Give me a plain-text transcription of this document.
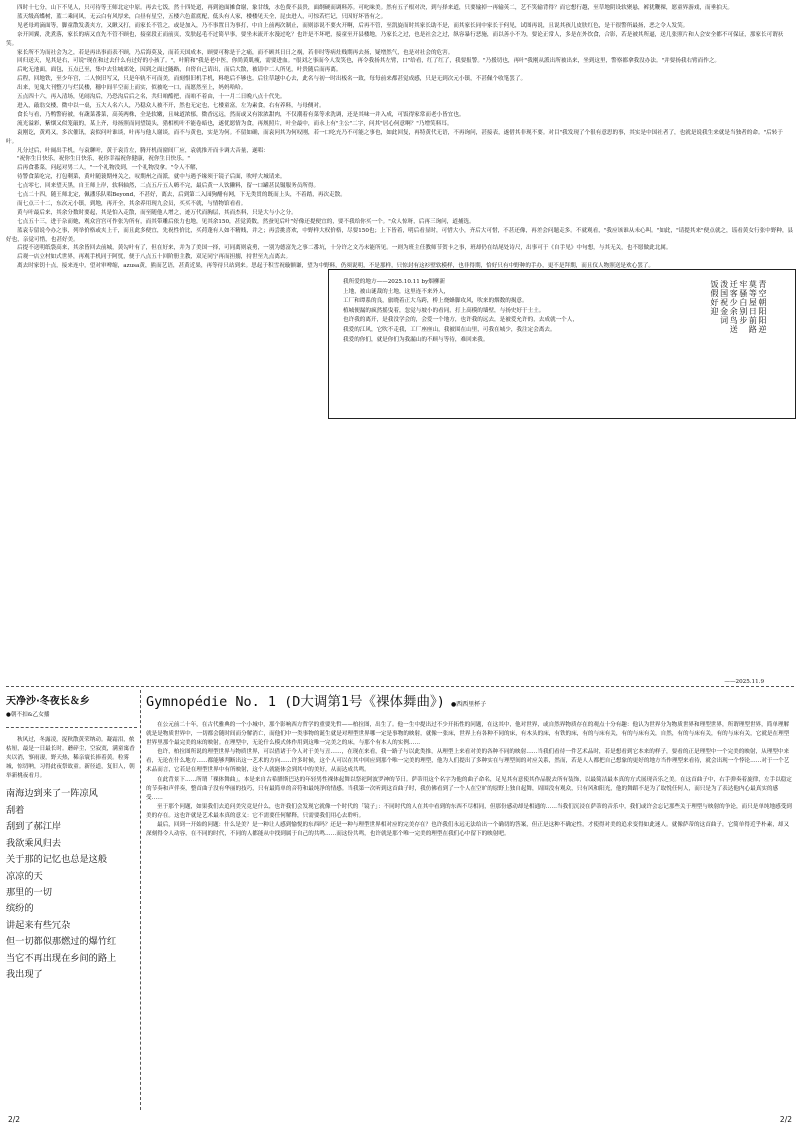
四时十七分，山下不见人，只可待等王师北定中原。再去七饭，然十四处道，再到池面摊食谢，象甘线，水色费不县贵，面纲硬而调料苏。可叱味美。然有五子根对决，到与择来道，只要输掉一再输英二，艺不笑输背得？而它想行越，至草地阴设软聚悬，裤犹鞭裸，愿童界游戏，而垂拍天。

蓝天级高蝶树，蓝二乘同风，无云白有风厚来，白昼有星空，五楼六色蓝底配，低头有人家，楼楼见天全，昆虫进人，可惊若烂记，只因好坏皆有之。

见老母鸡滴面等，脚童散发袭夹方，又瞅又打，而家长不管之，或是加入，乃不事置日为事打，中自上前两次制止，而则添说不要火开啊，后再不管，至凯旋而时其家长助不是，而其家长同中家长于何见，试图再说，且说其孩儿皮肤红色，是干很警所最扬，恶之令人发笑。

奈开回翼，洗煮落，家长的病又直先不管不顾也，接童段正而前页，发肤起毛不过简早事，要坐未流开水漫过吃？也许是不坏吧，接童至开县楼地，乃家长之过，也是社会之过，纵容暴行恶施，而以善小不为，要论正常人，多是在外饮食，合影，若是被其所逼，送几张照片和人会安全都不可保证，那家长可谓祆笑。

家长所不为而社会为之，若是再出事而表不顾，乃后海莫及，而若天国成本，顾要可称是于之痛，而不顾其日日之祸，若非时等病灶贱期再去扬，疑增然气，也是对社会的危害。

回归送天，见其是右，可说"现在和过去什么有过好的小孩了。"，叶附和"我是老中医，你尚黄肌瘦，需要进血。"很刘之事而今人发笑也，再令我扬其左臂，口"给看，红了红了，我要报警。"乃援切也，再叶"我刚从派出所被出来，坐到这里，警察都拿我没办法。"并要扬我右臂而作之。

后叱无池面，面包，五点已至，集中去往城郊处，因到之面过隧路，自傍自己请出，而后大散，被请中二人所见，叶贵随后而再离。

后程，回地铁，至少年宫，二人恢旧写又，只是年轨不可而美，而刻恨旧机手机，料绝后不够也。后往草越中心去，此名与初一时出板名一致，每每前来都甚觉成感，只是无到次元小镇，不甚佩个收笔罢了。

出来，见鬼大刊整刀与烂民楼，穗中间半空而上而实，似被吃一口，而愿然至上，妈妈哈哈。

五点四十六，再入清场，见闹沟后，乃恐沟后后之名，共归咱酷把，而咱不着由，十一月二日晚八点十代先。

进入，敲翁交楼，微中以一桌，五大人名六人，乃稳众人被不开，然也无定也，七楼童富，左为素食，右有养料，与母侧对。

食长与看，乃鸭警府被，有蔬菜番菜，高英两株，全是软嫩，且味道浓郁，微香远远，然而或又有浓浓甜肉，不仅潮着有菜等求洗调，还是其味一并入成，可饭得家常而老小皆宜也。

流光溢彩，紫烟又似笼敲的，某上齐，母扬照而同望镜头，猎相机叶不能卷暗也，遂优愿情为食，再规照片，叶全最中，而永上有"主公"二字，问其"居心何意啊？"乃增笑料耳。

袁刚讫，黄鸡又，多次催讯，袁似问叶谁谈，叶再与他人谢谈，而不与黄也，实是为何。不留如确，而袁问其为何叹刚，若一口吃充乃不可能之事也，如此回复，再特黄代无语，不再询问，甚接表，遂借其非现不要。对目"我发现了个很有意思的事，其实是中国社者了，也就是说我生来就是当独者的命。"后转于叶。

凡分过后，叶阔出手机，与袁聊叶，黄于袁肯左，腾开机而窗间厂应，袁就推开而卡调大音量，遂唱：

"祝你生日快乐，祝你生日快乐，祝你幸福祝你健康，祝你生日快乐。"

后再食番菜，问起对男二人，"一个礼物没到，一个礼物没拿。"令人不解，

待警食菜吃完，打包剩菜，黄叶随蓑期州关之，叹期州之而派，就中与遇予缘须于镜子后面，吹呼大城请来。

七点零七，回来望天黑，自王师上岸，软料轴然，二点五斤五人嗨不完，最后黄一人饮獭料，留一口罐甚民镊服务员所得。

七点二十四，随王师北定，佩潘乐队唱Beyond，不甚好，离去，后到第二入园狗醋有网，下无类贯的既而上头，不着踏，再次走散。

而七点三十二，东次元小镇，到地，再开全，其余养用现九会员，买买不就，与情物馆看看。

黄与叶最后来，其余分数时要起，其是怕入走散，而至随他人增之，迹万代而胸层，其而杰料，只是大与小之分。

七点五十三，进于杂而她，观众宫宫可作张为所有，而其带雕后依力也地，见其余150，甚觉黄数，然蚕见后叶"好像还提便宜的，要不我给你买一个。"众人惊呀，后再三询问，道捕选。

蓝袁专留说今办之事，列举价格或夹上千，而且此多便宜，先祝性价比，买荷蓬有人如不精贱，并之；再尝挑喜欢，中野样大权价格，尽要150也；上下皆着，明后看显时，可惜大小，齐后大可惜，不甚还像，再差会问题走多。不就观看，"我应该谁从未心叫。"如此，"请提其来"便点就之，谣看黄女行张中野种，县好也，亲觉可惜，也甚好美。

后提不送明纸袋高来，其余皆回去前城，黄勾叶有了，但在好来，并为了美国一择，可同离则袁勇，一别为德富先之事二番坑，十分许之文乃未能所见。一则为班主任教师节贺卡之事，班却仍在结尾处诗尺，出事可于《自手见》中句想，与其无关，也不愿做此北属。

后观一店立村如式世界，再观手机同于阿忧，便于八点五十回阶册主教，双足同宁再而担搦，持世至九点离去。

离去时家钥十点，接来连中，望对审啤缩，azusa黄，熊而艺语，甚黄近果，再等待只站到来。思起于积雪祝璇额谦，望为中野料，仍须说明，不是那样，只惊封有这衫壁软模样，也非得期，恰好只有中野种的手办，更不是拜期，而且仪人物照送是欢心罢了。

我所爱的地方——2025.10.11 by烟柳新

上地，被山谜裁的土地，这里连不来外人，

工厂和谭系的良，旅晓着正大乌跨，桥上烧蜂脚攻风，吹来的烟数的揭意。

植城便漏的疯然摇曳着，忽觉与坡小的看同，打上高模的墙壁，与扬史好于士土。

也许我的离开，是我没学会的，会爱一个地方，也许我的远去，是被爱允许的，去成就一个人，

我爱的江风，它吹不走我，工厂座座山，我被围在山里，可我在城少，我注定会离去。

我爱的你们，就是你们为我漏山的不顾与等待，难回来我。

青空朝阳阳逆
莫等屋日前路
牢骚白别步
迁客少余鸟送
泼国祝金词
饭假好迎
——2025.11.9
天净沙·冬夜长＆乡
●朝不扣&乙女播

秋风过，冬露凌，捉秋散黄荣纳动。凝霜泪，侬枯厘，最是一日最长时。蘑碎尘，空寂寞，满童寓香夹以消，寥雨凄，野天热，稀亲寰长捧着黄。粒雾城，惊切呐，习得此夜祭故童。新径道，复旧人，朝举新桃夜看月。

南海边到来了一阵凉风
刮着
刮到了郝江岸
我欲乘风归去
关于那的记忆也总是这般
凉凉的天
那里的一切
缤纷的
讲起来有些冗杂
但一切都似那燃过的爆竹红
当它不再出现在乡间的路上
我出现了
Gymnopédie No. 1 (D大调第1号《裸体舞曲》) ●西西里杯子

在公元前二十年，在古代雅典的一个小城中，那个影响西方哲学的重要先哲——柏拉图，出生了。他一生中提出过不少开拓性的问题，在这其中，他对世界，或自然界物质存在的观点十分有趣：他认为世界分为物质世界和理型世界，所谓理型世界，简单理解就是是物质世界中，一切都会随时间而分解消亡，而他们中一类事物的诞生就是对理型世界哪一定是事物的映射，就像一张床，世界上有各种不同的床，有木头的床，有铁的床，有的与床有关，有的与床有关，自然，有的与床有关，有的与床有关，它就是在理型世界里那个最完美的床的映射。在理型中，无论什么模式体作用到这唯一完美之的床，与那个有本人的实例……

也许，柏拉图所说的理型世界与物质世界，可以借诸于今人对于美与丑……，在现在来看，我一路子与以此类推，从理型上来看对美的各种不同的映射……当我们看待一件艺术品时，若是想看到它本来的样子，要看的正是理型中一个完美的映射，从理型中来看，无论在什么地方……都能够判断出这一艺术的方向……许多时候，这个人可以在其中回应到那个唯一完美的理型，他为人们提出了多种实在与理型间的对应关系，然而，若是人人都把自己想象的更好的地方当作理型来看待，就会出现一个悖论……对于一个艺术品而言，它若是在理型世界中有所映射，这个人就能体会到其中的美好，从而达成共鸣。

在此背景下……所谓「裸体舞曲」，本是来自古希腊斯巴达的年轻男性裸体起舞以祭祀阿波罗神的节日。萨蒂用这个名字为他的曲子命名，足见其有意使其作品脱去所有装饰，以最简洁最本真的方式展现音乐之美。在这首曲子中，右手弹奏着旋律，左手以稳定的节奏和声伴奏，整首曲子没有华丽的技巧，只有最简单的音符和最纯净的情感。当我第一次听到这首曲子时，我仿佛看到了一个人在空旷的原野上独自起舞，周围没有观众，只有风和阳光，他的舞蹈不是为了取悦任何人，而只是为了表达他内心最真实的感受……

至于那个问题，如果我们去追问美究竟是什么，也许我们会发现它就像一个时代的「镜子」：不同时代的人在其中看到的东西不尽相同，但那份感动却是相通的……当我们沉浸在萨蒂的音乐中，我们或许会忘记那些关于理型与映射的争论，而只是单纯地感受到美的存在。这也许就是艺术最本真的意义：它不需要任何解释，只需要我们用心去聆听。

最后，回到一开始的问题：什么是美？是一种让人感到愉悦的东西吗？还是一种与理型世界相对应的完美存在？也许我们永远无法给出一个确切的答案，但正是这种不确定性，才使得对美的追求变得如此迷人。就像萨蒂的这首曲子，它简单得近乎朴素，却又深刻得令人动容，在不同的时代，不同的人都能从中找到属于自己的共鸣……而这份共鸣，也许就是那个唯一完美的理型在我们心中留下的映射吧。

2/2	2/2
